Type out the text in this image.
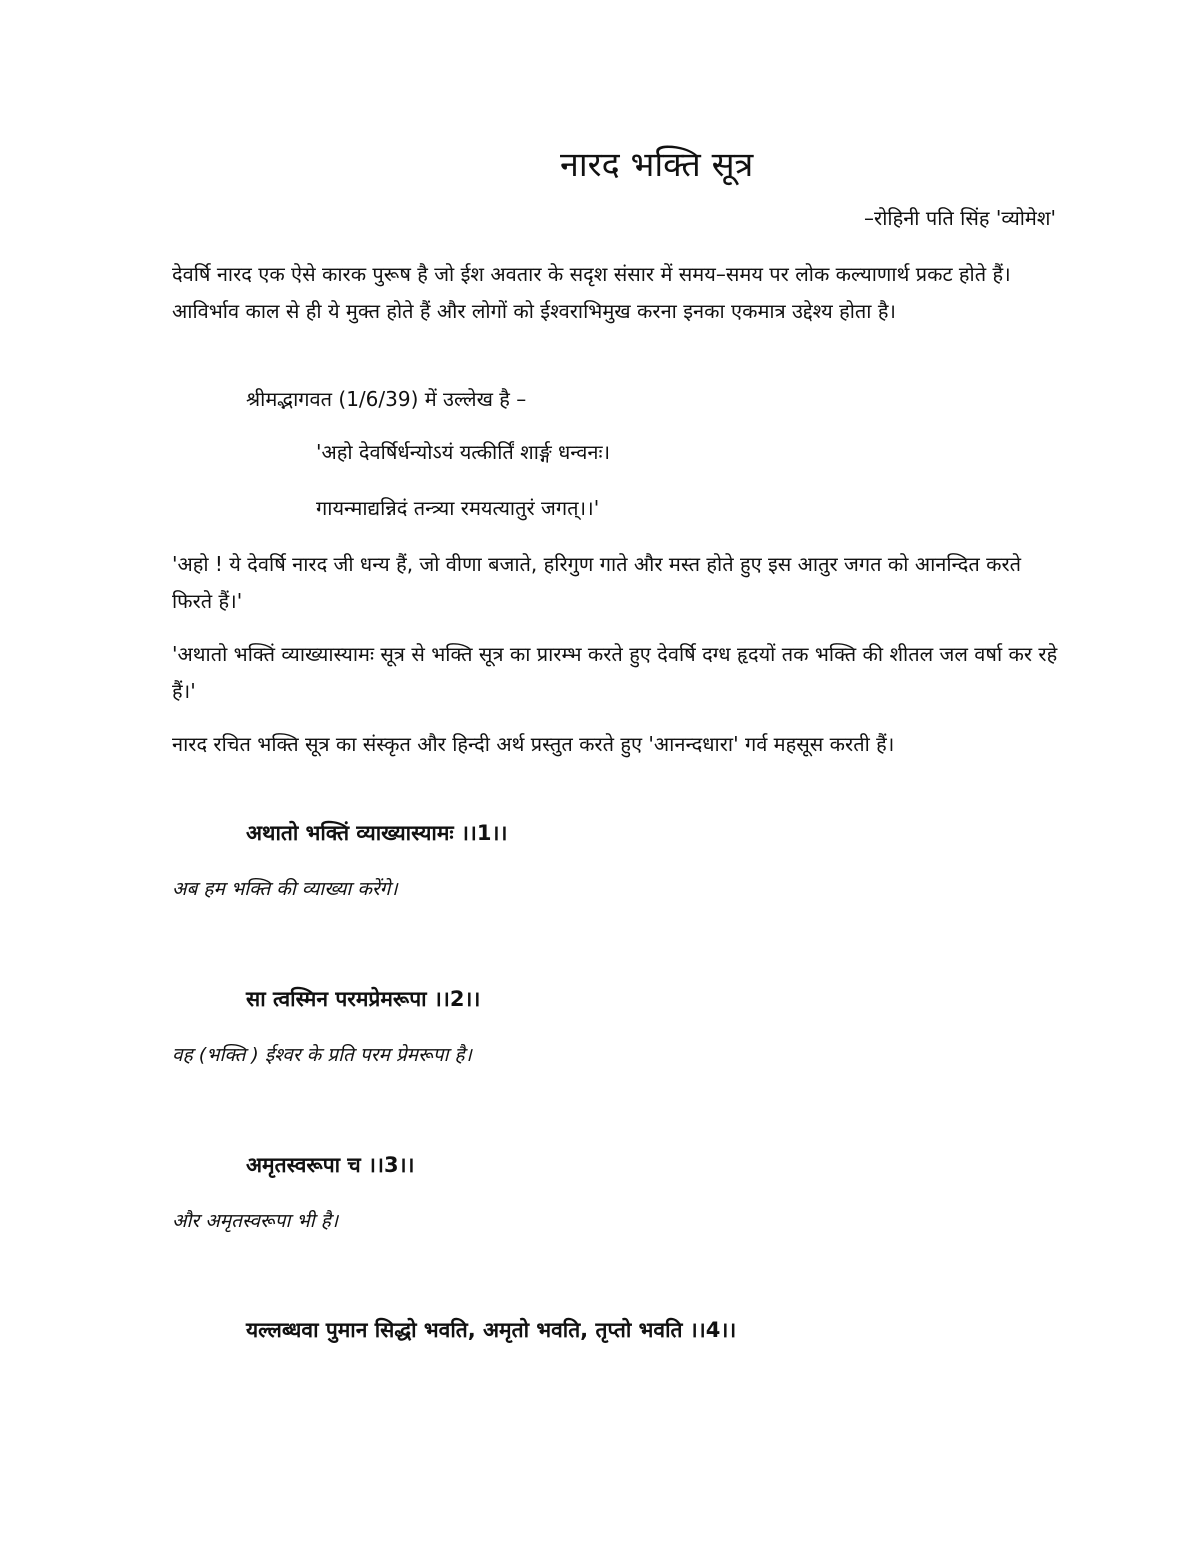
नारद भक्ति सूत्र
–रोहिनी पति सिंह 'व्योमेश'
देवर्षि नारद एक ऐसे कारक पुरूष है जो ईश अवतार के सदृश संसार में समय–समय पर लोक कल्याणार्थ प्रकट होते हैं। आविर्भाव काल से ही ये मुक्त होते हैं और लोगों को ईश्वराभिमुख करना इनका एकमात्र उद्देश्य होता है।
श्रीमद्भागवत (1/6/39) में उल्लेख है –
'अहो देवर्षिर्धन्योऽयं यत्कीर्तिं शार्ङ्ग धन्वनः।
गायन्माद्यन्निदं तन्त्र्या रमयत्यातुरं जगत्।।'
'अहो ! ये देवर्षि नारद जी धन्य हैं, जो वीणा बजाते, हरिगुण गाते और मस्त होते हुए इस आतुर जगत को आनन्दित करते फिरते हैं।'
'अथातो भक्तिं व्याख्यास्यामः सूत्र से भक्ति सूत्र का प्रारम्भ करते हुए देवर्षि दग्ध हृदयों तक भक्ति की शीतल जल वर्षा कर रहे हैं।'
नारद रचित भक्ति सूत्र का संस्कृत और हिन्दी अर्थ प्रस्तुत करते हुए 'आनन्दधारा' गर्व महसूस करती हैं।
अथातो भक्तिं व्याख्यास्यामः ।।1।।
अब हम भक्ति की व्याख्या करेंगे।
सा त्वस्मिन परमप्रेमरूपा ।।2।।
वह (भक्ति ) ईश्वर के प्रति परम प्रेमरूपा है।
अमृतस्वरूपा च ।।3।।
और अमृतस्वरूपा भी है।
यल्लब्धवा पुमान सिद्धो भवति, अमृतो भवति, तृप्तो भवति ।।4।।
